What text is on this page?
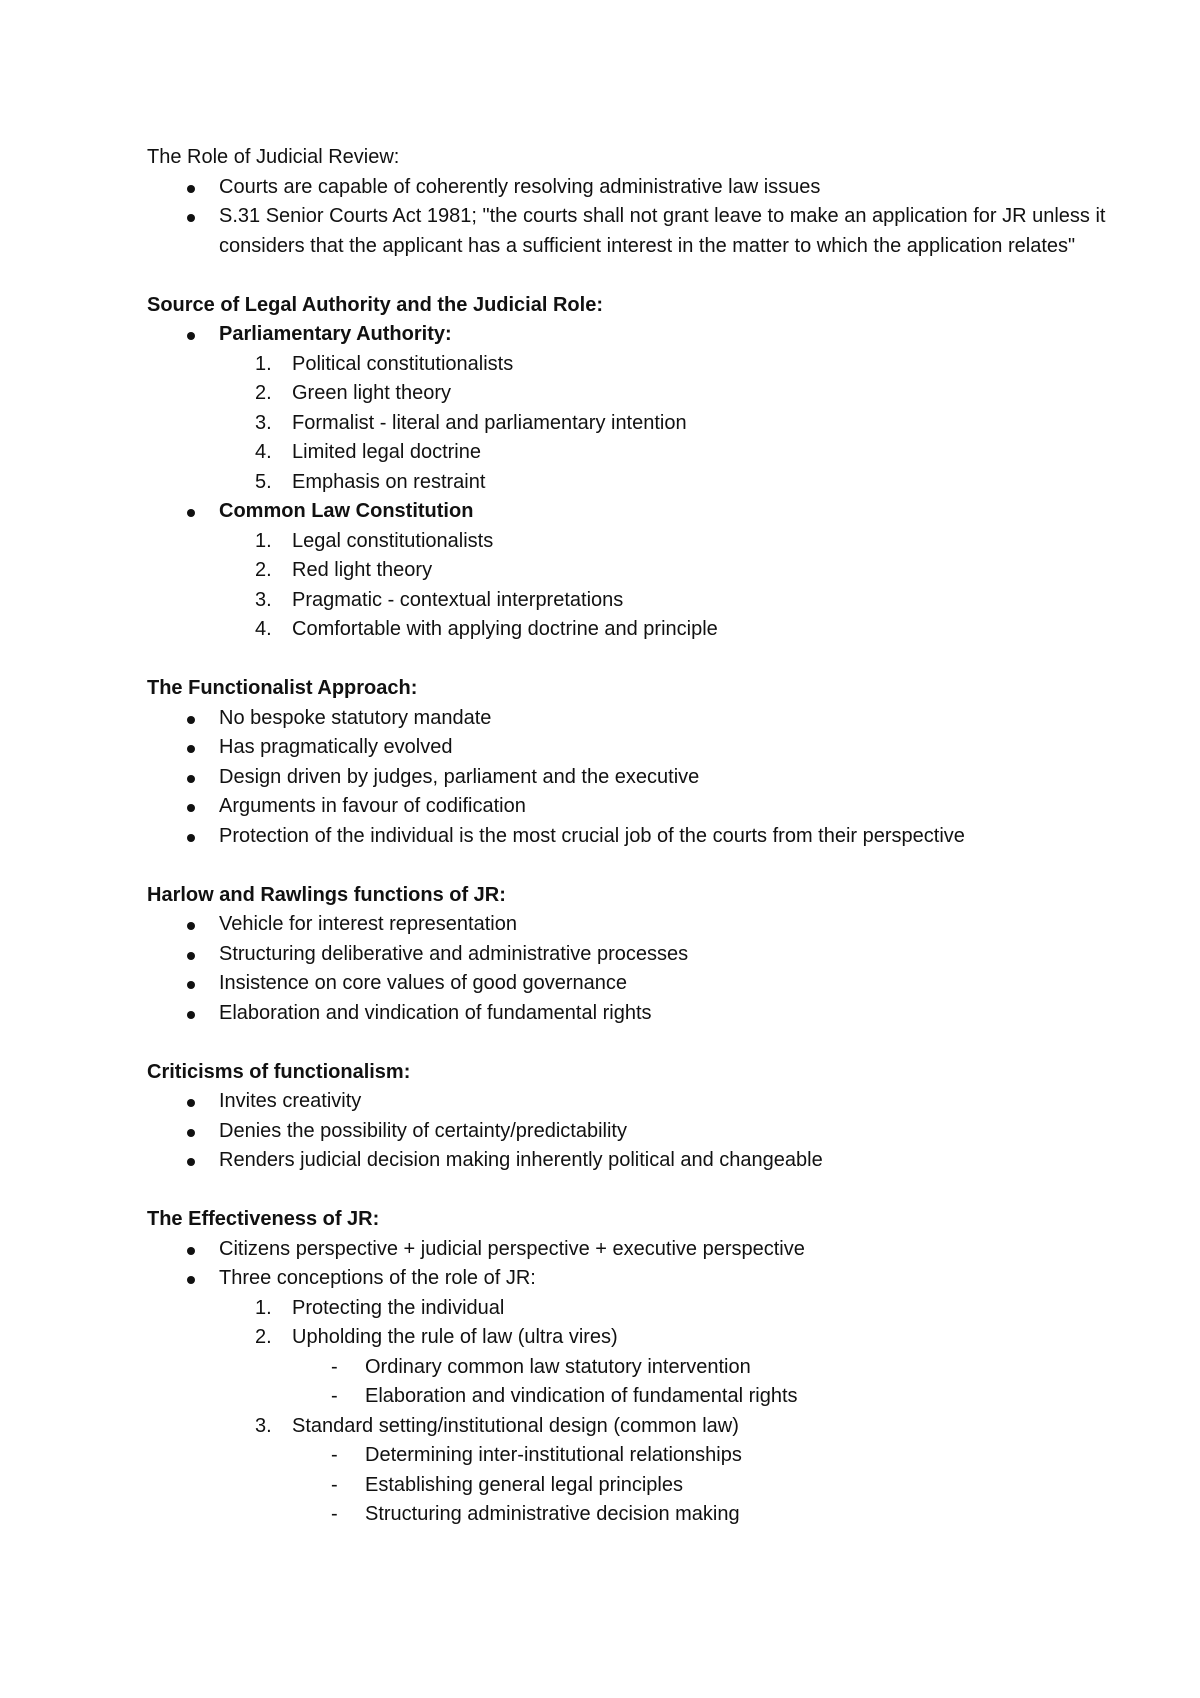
The Role of Judicial Review:

Courts are capable of coherently resolving administrative law issues
S.31 Senior Courts Act 1981; "the courts shall not grant leave to make an application for JR unless it considers that the applicant has a sufficient interest in the matter to which the application relates"

Source of Legal Authority and the Judicial Role:

Parliamentary Authority:
1. Political constitutionalists
2. Green light theory
3. Formalist - literal and parliamentary intention
4. Limited legal doctrine
5. Emphasis on restraint
Common Law Constitution
1. Legal constitutionalists
2. Red light theory
3. Pragmatic - contextual interpretations
4. Comfortable with applying doctrine and principle

The Functionalist Approach:

No bespoke statutory mandate
Has pragmatically evolved
Design driven by judges, parliament and the executive
Arguments in favour of codification
Protection of the individual is the most crucial job of the courts from their perspective

Harlow and Rawlings functions of JR:

Vehicle for interest representation
Structuring deliberative and administrative processes
Insistence on core values of good governance
Elaboration and vindication of fundamental rights

Criticisms of functionalism:

Invites creativity
Denies the possibility of certainty/predictability
Renders judicial decision making inherently political and changeable

The Effectiveness of JR:

Citizens perspective + judicial perspective + executive perspective
Three conceptions of the role of JR:
1. Protecting the individual
2. Upholding the rule of law (ultra vires)
- Ordinary common law statutory intervention
- Elaboration and vindication of fundamental rights
3. Standard setting/institutional design (common law)
- Determining inter-institutional relationships
- Establishing general legal principles
- Structuring administrative decision making
